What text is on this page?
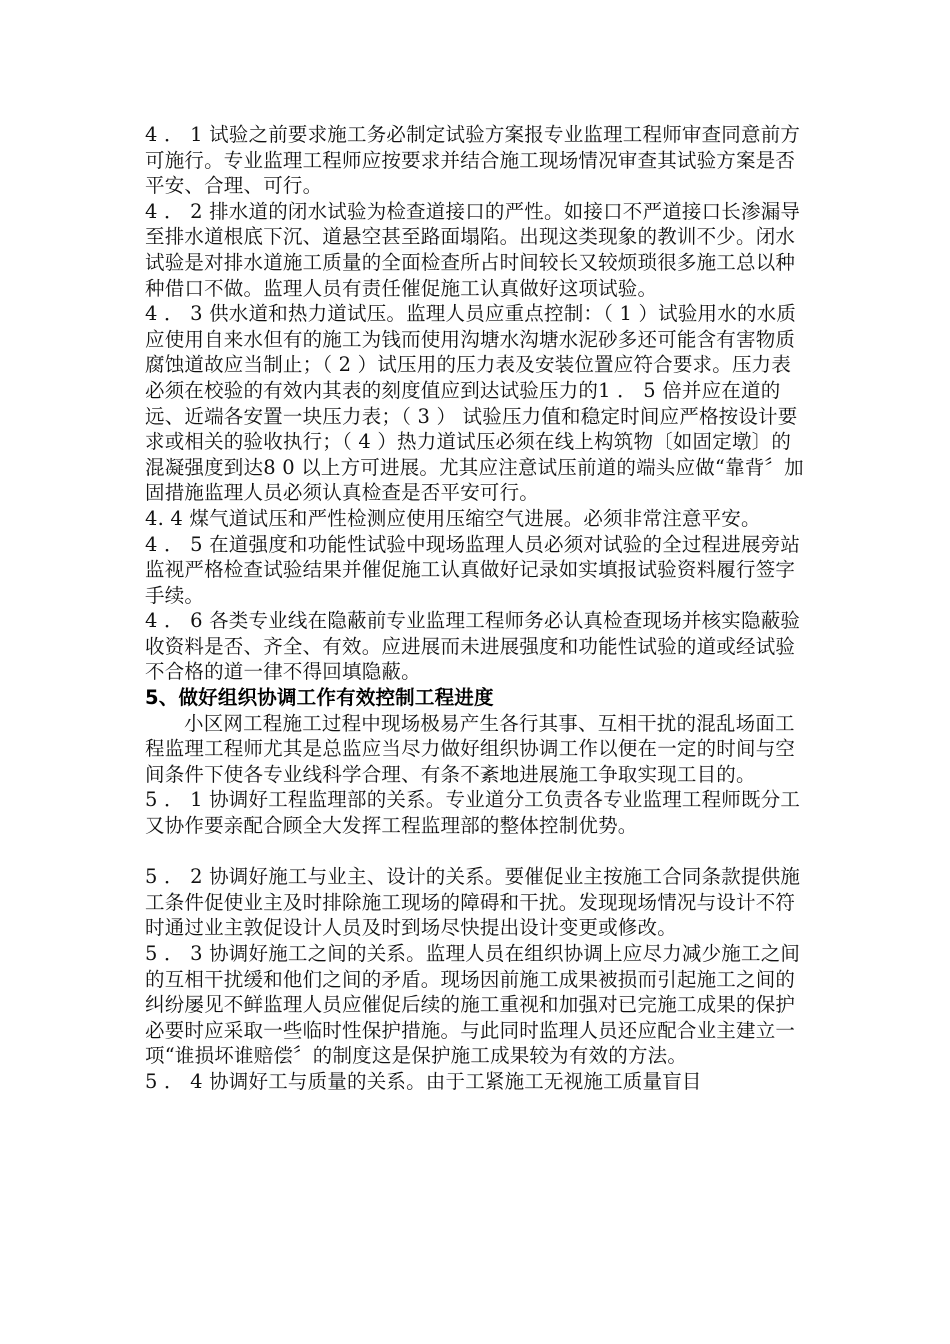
4 ． 1 试验之前要求施工务必制定试验方案报专业监理工程师审查同意前方可施行。专业监理工程师应按要求并结合施工现场情况审查其试验方案是否平安、合理、可行。

4 ． 2 排水道的闭水试验为检查道接口的严性。如接口不严道接口长渗漏导至排水道根底下沉、道悬空甚至路面塌陷。出现这类现象的教训不少。闭水试验是对排水道施工质量的全面检查所占时间较长又较烦琐很多施工总以种种借口不做。监理人员有责任催促施工认真做好这项试验。

4 ． 3 供水道和热力道试压。监理人员应重点控制：（ 1 ）试验用水的水质应使用自来水但有的施工为钱而使用沟塘水沟塘水泥砂多还可能含有害物质腐蚀道故应当制止；（ 2 ）试压用的压力表及安装位置应符合要求。压力表必须在校验的有效内其表的刻度值应到达试验压力的1 ． 5 倍并应在道的远、近端各安置一块压力表；（ 3 ） 试验压力值和稳定时间应严格按设计要求或相关的验收执行；（ 4 ）热力道试压必须在线上构筑物〔如固定墩〕的混凝强度到达8 0 以上方可进展。尤其应注意试压前道的端头应做“靠背〞加固措施监理人员必须认真检查是否平安可行。

4. 4 煤气道试压和严性检测应使用压缩空气进展。必须非常注意平安。

4 ． 5 在道强度和功能性试验中现场监理人员必须对试验的全过程进展旁站监视严格检查试验结果并催促施工认真做好记录如实填报试验资料履行签字手续。

4 ． 6 各类专业线在隐蔽前专业监理工程师务必认真检查现场并核实隐蔽验收资料是否、齐全、有效。应进展而未进展强度和功能性试验的道或经试验不合格的道一律不得回填隐蔽。

5、做好组织协调工作有效控制工程进度

小区网工程施工过程中现场极易产生各行其事、互相干扰的混乱场面工程监理工程师尤其是总监应当尽力做好组织协调工作以便在一定的时间与空间条件下使各专业线科学合理、有条不紊地进展施工争取实现工目的。

5 ． 1 协调好工程监理部的关系。专业道分工负责各专业监理工程师既分工又协作要亲配合顾全大发挥工程监理部的整体控制优势。

5 ． 2 协调好施工与业主、设计的关系。要催促业主按施工合同条款提供施工条件促使业主及时排除施工现场的障碍和干扰。发现现场情况与设计不符时通过业主敦促设计人员及时到场尽快提出设计变更或修改。

5 ． 3 协调好施工之间的关系。监理人员在组织协调上应尽力减少施工之间的互相干扰缓和他们之间的矛盾。现场因前施工成果被损而引起施工之间的纠纷屡见不鲜监理人员应催促后续的施工重视和加强对已完施工成果的保护必要时应采取一些临时性保护措施。与此同时监理人员还应配合业主建立一项“谁损坏谁赔偿〞的制度这是保护施工成果较为有效的方法。

5 ． 4 协调好工与质量的关系。由于工紧施工无视施工质量盲目
